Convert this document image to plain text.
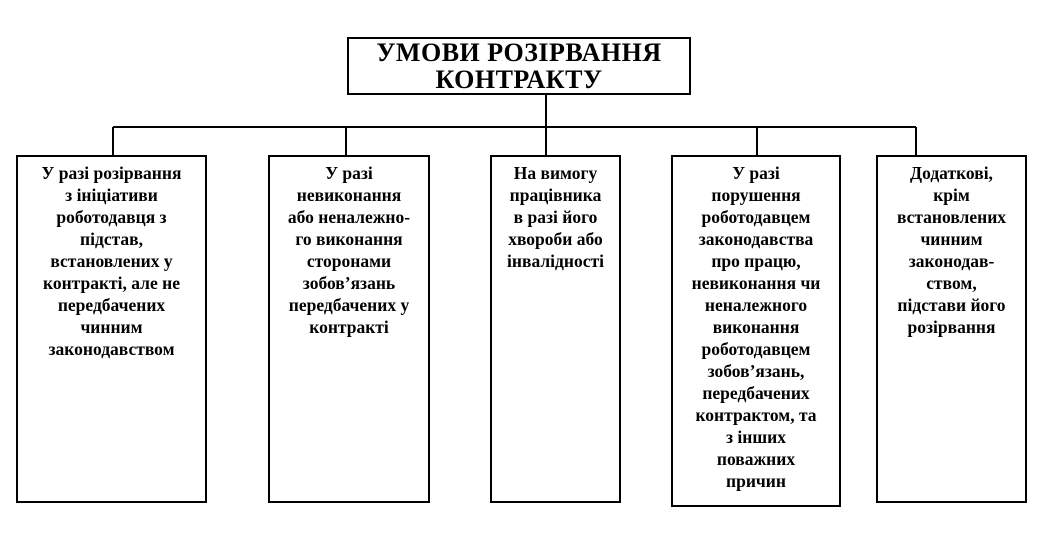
УМОВИ РОЗІРВАННЯ
КОНТРАКТУ
У разі розірвання
з ініціативи
роботодавця з
підстав,
встановлених у
контракті, але не
передбачених
чинним
законодавством
У разі
невиконання
або неналежно-
го виконання
сторонами
зобов’язань
передбачених у
контракті
На вимогу
працівника
в разі його
хвороби або
інвалідності
У разі
порушення
роботодавцем
законодавства
про працю,
невиконання чи
неналежного
виконання
роботодавцем
зобов’язань,
передбачених
контрактом, та
з інших
поважних
причин
Додаткові,
крім
встановлених
чинним
законодав-
ством,
підстави його
розірвання
